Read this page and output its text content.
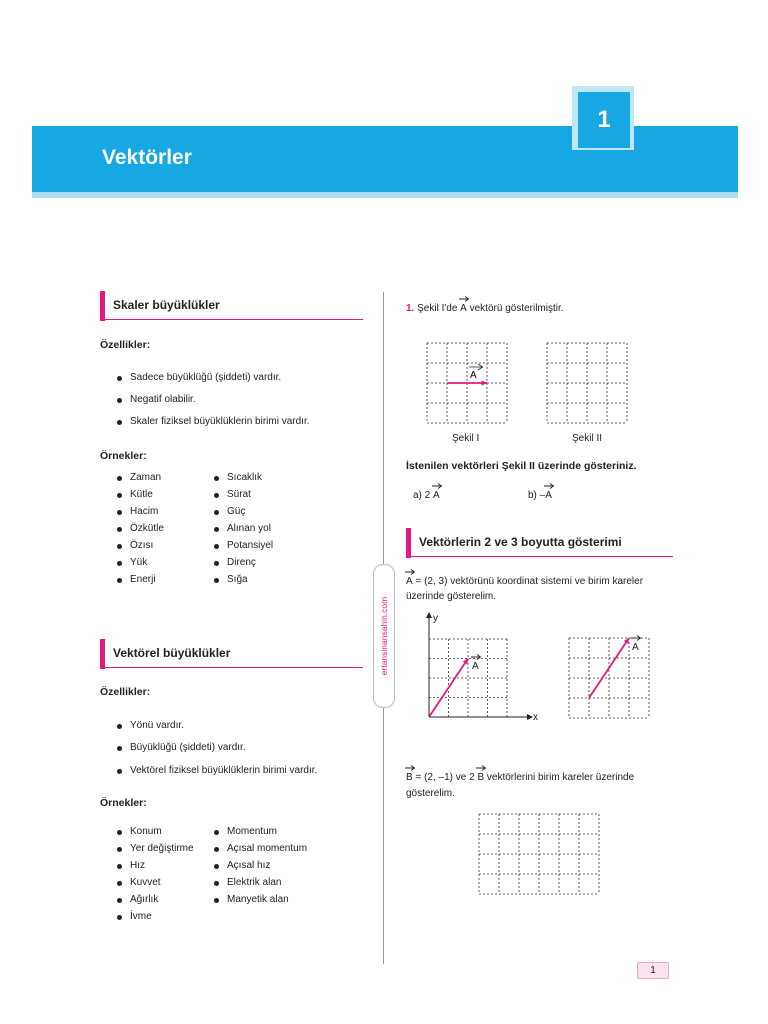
Vektörler
1
Skaler büyüklükler
Özellikler:
Sadece büyüklüğü (şiddeti) vardır.
Negatif olabilir.
Skaler fiziksel büyüklüklerin birimi vardır.
Örnekler:
Zaman
Kütle
Hacim
Özkütle
Özısı
Yük
Enerji
Sıcaklık
Sürat
Güç
Alınan yol
Potansiyel
Direnç
Sığa
Vektörel büyüklükler
Özellikler:
Yönü vardır.
Büyüklüğü (şiddeti) vardır.
Vektörel fiziksel büyüklüklerin birimi vardır.
Örnekler:
Konum
Yer değiştirme
Hız
Kuvvet
Ağırlık
İvme
Momentum
Açısal momentum
Açısal hız
Elektrik alan
Manyetik alan
ertansinansahin.com
1. Şekil I'de A vektörü gösterilmiştir.
A
Şekil I	Şekil II
İstenilen vektörleri Şekil II üzerinde gösteriniz.
a) 2 A	b) –
A
Vektörlerin 2 ve 3 boyutta gösterimi
A = (2, 3) vektörünü koordinat sistemi ve birim kareler
üzerinde gösterelim.
y
x
A
A
B = (2, –1) ve 2 B vektörlerini birim kareler üzerinde
gösterelim.
1
